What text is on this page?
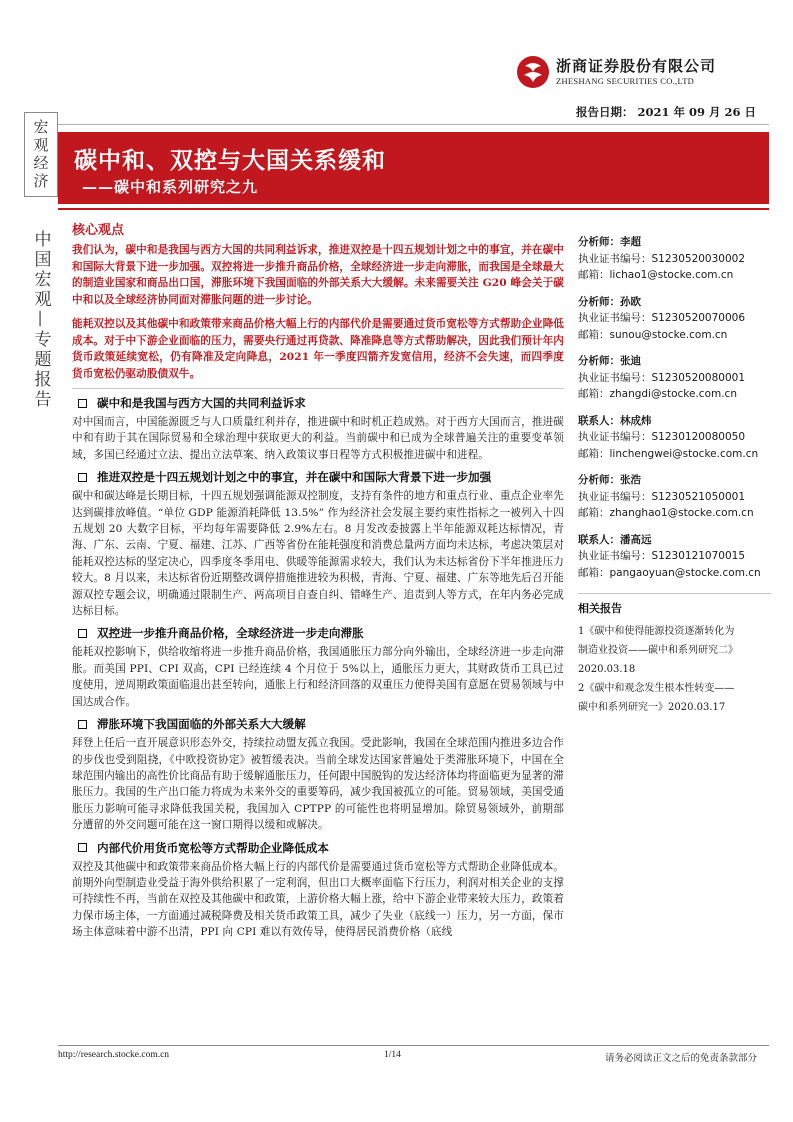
浙商证券股份有限公司
ZHESHANG SECURITIES CO.,LTD
报告日期： 2021 年 09 月 26 日
宏观经济
中国宏观—专题报告
碳中和、双控与大国关系缓和
——碳中和系列研究之九
核心观点

我们认为，碳中和是我国与西方大国的共同利益诉求，推进双控是十四五规划计划之中的事宜，并在碳中和国际大背景下进一步加强。双控将进一步推升商品价格，全球经济进一步走向滞胀，而我国是全球最大的制造业国家和商品出口国，滞胀环境下我国面临的外部关系大大缓解。未来需要关注 G20 峰会关于碳中和以及全球经济协同面对滞胀问题的进一步讨论。

能耗双控以及其他碳中和政策带来商品价格大幅上行的内部代价是需要通过货币宽松等方式帮助企业降低成本。对于中下游企业面临的压力，需要央行通过再贷款、降准降息等方式帮助解决，因此我们预计年内货币政策延续宽松，仍有降准及定向降息，2021 年一季度四箭齐发宽信用，经济不会失速，而四季度货币宽松仍驱动股债双牛。

碳中和是我国与西方大国的共同利益诉求

对中国而言，中国能源匮乏与人口质量红利并存，推进碳中和时机正趋成熟。对于西方大国而言，推进碳中和有助于其在国际贸易和全球治理中获取更大的利益。当前碳中和已成为全球普遍关注的重要变革领域，多国已经通过立法、提出立法草案、纳入政策议事日程等方式积极推进碳中和进程。

推进双控是十四五规划计划之中的事宜，并在碳中和国际大背景下进一步加强

碳中和碳达峰是长期目标，十四五规划强调能源双控制度，支持有条件的地方和重点行业、重点企业率先达到碳排放峰值。“单位 GDP 能源消耗降低 13.5%” 作为经济社会发展主要约束性指标之一被列入十四五规划 20 大数字目标，平均每年需要降低 2.9%左右。8 月发改委披露上半年能源双耗达标情况，青海、广东、云南、宁夏、福建、江苏、广西等省份在能耗强度和消费总量两方面均未达标，考虑决策层对能耗双控达标的坚定决心，四季度冬季用电、供暖等能源需求较大，我们认为未达标省份下半年推进压力较大。8 月以来，未达标省份近期整改调停措施推进较为积极，青海、宁夏、福建、广东等地先后召开能源双控专题会议，明确通过限制生产、两高项目自查自纠、错峰生产、追责到人等方式，在年内务必完成达标目标。

双控进一步推升商品价格，全球经济进一步走向滞胀

能耗双控影响下，供给收缩将进一步推升商品价格，我国通胀压力部分向外输出，全球经济进一步走向滞胀。而美国 PPI、CPI 双高，CPI 已经连续 4 个月位于 5%以上，通胀压力更大，其财政货币工具已过度使用，逆周期政策面临退出甚至转向，通胀上行和经济回落的双重压力使得美国有意愿在贸易领域与中国达成合作。

滞胀环境下我国面临的外部关系大大缓解

拜登上任后一直开展意识形态外交，持续拉动盟友孤立我国。受此影响，我国在全球范围内推进多边合作的步伐也受到阻挠，《中欧投资协定》被暂缓表决。当前全球发达国家普遍处于类滞胀环境下，中国在全球范围内输出的高性价比商品有助于缓解通胀压力，任何跟中国脱钩的发达经济体均将面临更为显著的滞胀压力。我国的生产出口能力将成为未来外交的重要筹码，减少我国被孤立的可能。贸易领域，美国受通胀压力影响可能寻求降低我国关税，我国加入 CPTPP 的可能性也将明显增加。除贸易领域外，前期部分遭留的外交问题可能在这一窗口期得以缓和或解决。

内部代价用货币宽松等方式帮助企业降低成本

双控及其他碳中和政策带来商品价格大幅上行的内部代价是需要通过货币宽松等方式帮助企业降低成本。前期外向型制造业受益于海外供给积累了一定利润，但出口大概率面临下行压力，利润对相关企业的支撑可持续性不再，当前在双控及其他碳中和政策，上游价格大幅上涨，给中下游企业带来较大压力，政策着力保市场主体，一方面通过减税降费及相关货币政策工具，减少了失业（底线一）压力，另一方面，保市场主体意味着中游不出清，PPI 向 CPI 难以有效传导，使得居民消费价格（底线

分析师：李超
执业证书编号：S1230520030002
邮箱：lichao1@stocke.com.cn
分析师：孙欧
执业证书编号：S1230520070006
邮箱：sunou@stocke.com.cn
分析师：张迪
执业证书编号：S1230520080001
邮箱：zhangdi@stocke.com.cn
联系人：林成炜
执业证书编号：S1230120080050
邮箱：linchengwei@stocke.com.cn
分析师：张浩
执业证书编号：S1230521050001
邮箱：zhanghao1@stocke.com.cn
联系人：潘高远
执业证书编号：S1230121070015
邮箱：pangaoyuan@stocke.com.cn
相关报告
1《碳中和使得能源投资逐渐转化为
制造业投资——碳中和系列研究二》
2020.03.18
2《碳中和观念发生根本性转变——
碳中和系列研究一》2020.03.17
http://research.stocke.com.cn	1/14	请务必阅读正文之后的免责条款部分
